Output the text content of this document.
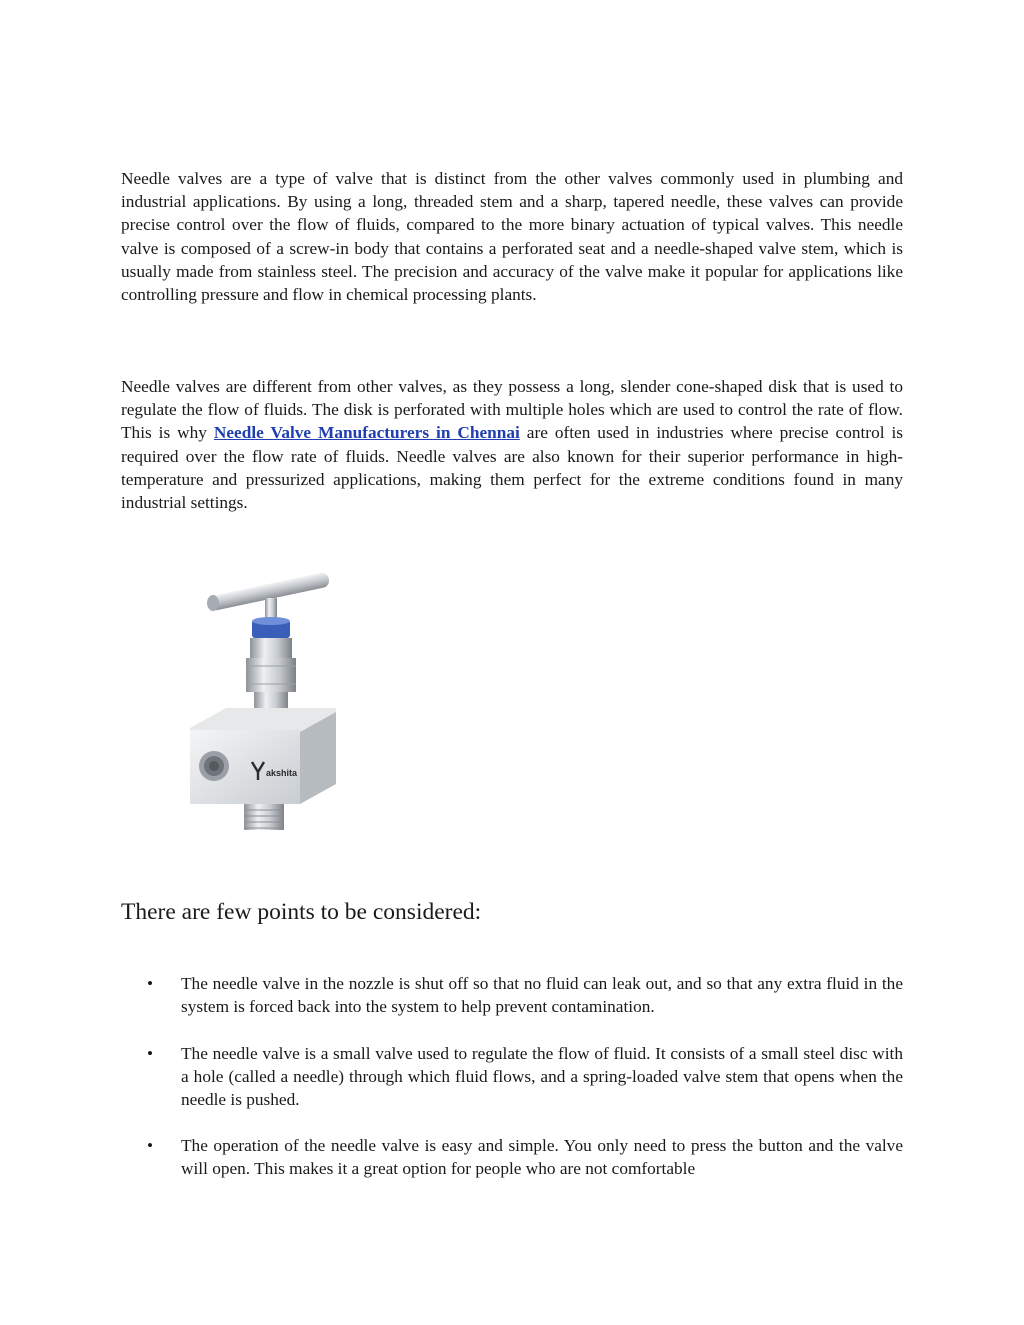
Needle valves are a type of valve that is distinct from the other valves commonly used in plumbing and industrial applications. By using a long, threaded stem and a sharp, tapered needle, these valves can provide precise control over the flow of fluids, compared to the more binary actuation of typical valves. This needle valve is composed of a screw-in body that contains a perforated seat and a needle-shaped valve stem, which is usually made from stainless steel. The precision and accuracy of the valve make it popular for applications like controlling pressure and flow in chemical processing plants.

Needle valves are different from other valves, as they possess a long, slender cone-shaped disk that is used to regulate the flow of fluids. The disk is perforated with multiple holes which are used to control the rate of flow. This is why Needle Valve Manufacturers in Chennai are often used in industries where precise control is required over the flow rate of fluids. Needle valves are also known for their superior performance in high-temperature and pressurized applications, making them perfect for the extreme conditions found in many industrial settings.

akshita
There are few points to be considered:
• The needle valve in the nozzle is shut off so that no fluid can leak out, and so that any extra fluid in the system is forced back into the system to help prevent contamination.
• The needle valve is a small valve used to regulate the flow of fluid. It consists of a small steel disc with a hole (called a needle) through which fluid flows, and a spring-loaded valve stem that opens when the needle is pushed.
• The operation of the needle valve is easy and simple. You only need to press the button and the valve will open. This makes it a great option for people who are not comfortable
